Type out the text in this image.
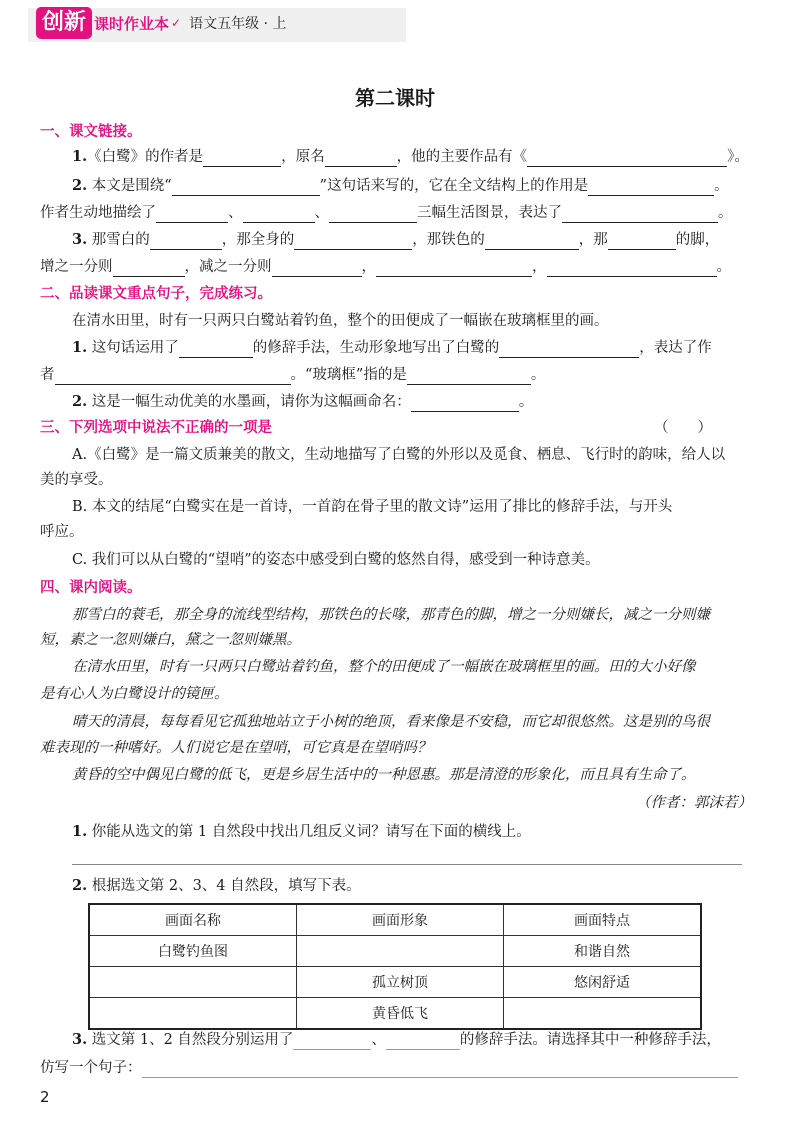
创新 课时作业本 ✓ 语文五年级 · 上
第二课时
一、课文链接。
1.《白鹭》的作者是	，原名	，他的主要作品有《	》。
2. 本文是围绕“	”这句话来写的，它在全文结构上的作用是	。
作者生动地描绘了	、	、	三幅生活图景，表达了	。
3. 那雪白的	，那全身的	，那铁色的	，那	的脚，
增之一分则	，减之一分则	，	，	。
二、品读课文重点句子，完成练习。
在清水田里，时有一只两只白鹭站着钓鱼，整个的田便成了一幅嵌在玻璃框里的画。
1. 这句话运用了	的修辞手法，生动形象地写出了白鹭的	，表达了作
者	。“玻璃框”指的是	。
2. 这是一幅生动优美的水墨画，请你为这幅画命名：	。
三、下列选项中说法不正确的一项是	（　　）
A.《白鹭》是一篇文质兼美的散文，生动地描写了白鹭的外形以及觅食、栖息、飞行时的韵味，给人以
美的享受。
B. 本文的结尾“白鹭实在是一首诗，一首韵在骨子里的散文诗”运用了排比的修辞手法，与开头
呼应。
C. 我们可以从白鹭的“望哨”的姿态中感受到白鹭的悠然自得，感受到一种诗意美。
四、课内阅读。
那雪白的蓑毛，那全身的流线型结构，那铁色的长喙，那青色的脚，增之一分则嫌长，减之一分则嫌
短，素之一忽则嫌白，黛之一忽则嫌黑。
在清水田里，时有一只两只白鹭站着钓鱼，整个的田便成了一幅嵌在玻璃框里的画。田的大小好像
是有心人为白鹭设计的镜匣。
晴天的清晨，每每看见它孤独地站立于小树的绝顶，看来像是不安稳，而它却很悠然。这是别的鸟很
难表现的一种嗜好。人们说它是在望哨，可它真是在望哨吗？
黄昏的空中偶见白鹭的低飞，更是乡居生活中的一种恩惠。那是清澄的形象化，而且具有生命了。
（作者：郭沫若）
1. 你能从选文的第 1 自然段中找出几组反义词？请写在下面的横线上。
2. 根据选文第 2、3、4 自然段，填写下表。
画面名称	画面形象	画面特点
白鹭钓鱼图		和谐自然
	孤立树顶	悠闲舒适
	黄昏低飞	
3. 选文第 1、2 自然段分别运用了	、	的修辞手法。请选择其中一种修辞手法，
仿写一个句子：
2
